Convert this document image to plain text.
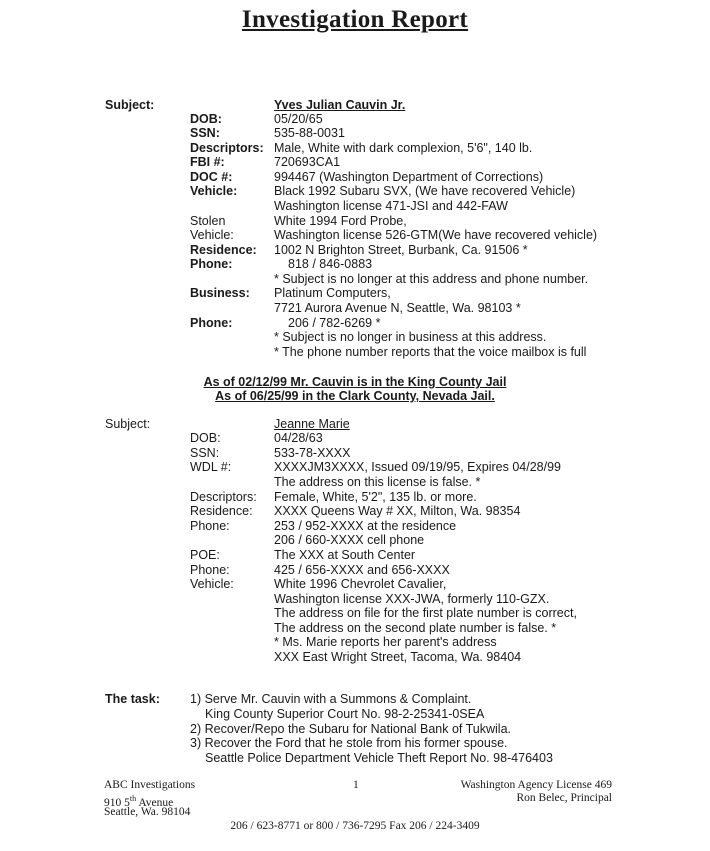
Investigation Report
Subject:	Yves Julian Cauvin Jr.
DOB:	05/20/65
SSN:	535-88-0031
Descriptors: Male, White with dark complexion, 5'6", 140 lb.
FBI #:	720693CA1
DOC #:	994467 (Washington Department of Corrections)
Vehicle:	Black 1992 Subaru SVX, (We have recovered Vehicle)
Washington license 471-JSI and 442-FAW
Stolen	White 1994 Ford Probe,
Vehicle:	Washington license 526-GTM(We have recovered vehicle)
Residence: 1002 N Brighton Street, Burbank, Ca. 91506 *
Phone:	818 / 846-0883
* Subject is no longer at this address and phone number.
Business: Platinum Computers,
7721 Aurora Avenue N, Seattle, Wa. 98103 *
Phone:	206 / 782-6269 *
* Subject is no longer in business at this address.
* The phone number reports that the voice mailbox is full
As of 02/12/99 Mr. Cauvin is in the King County Jail
As of 06/25/99 in the Clark County, Nevada Jail.
Subject:	Jeanne Marie
DOB:	04/28/63
SSN:	533-78-XXXX
WDL #:	XXXXJM3XXXX, Issued 09/19/95, Expires 04/28/99
The address on this license is false. *
Descriptors: Female, White, 5'2", 135 lb. or more.
Residence: XXXX Queens Way # XX, Milton, Wa. 98354
Phone:	253 / 952-XXXX at the residence
206 / 660-XXXX cell phone
POE:	The XXX at South Center
Phone:	425 / 656-XXXX and 656-XXXX
Vehicle:	White 1996 Chevrolet Cavalier,
Washington license XXX-JWA, formerly 110-GZX.
The address on file for the first plate number is correct,
The address on the second plate number is false. *
* Ms. Marie reports her parent's address
XXX East Wright Street, Tacoma, Wa. 98404
The task: 1) Serve Mr. Cauvin with a Summons & Complaint.
King County Superior Court No. 98-2-25341-0SEA
2) Recover/Repo the Subaru for National Bank of Tukwila.
3) Recover the Ford that he stole from his former spouse.
Seattle Police Department Vehicle Theft Report No. 98-476403
ABC Investigations
910 5th Avenue
Seattle, Wa. 98104
1	Washington Agency License 469
Ron Belec, Principal
206 / 623-8771 or 800 / 736-7295 Fax 206 / 224-3409
